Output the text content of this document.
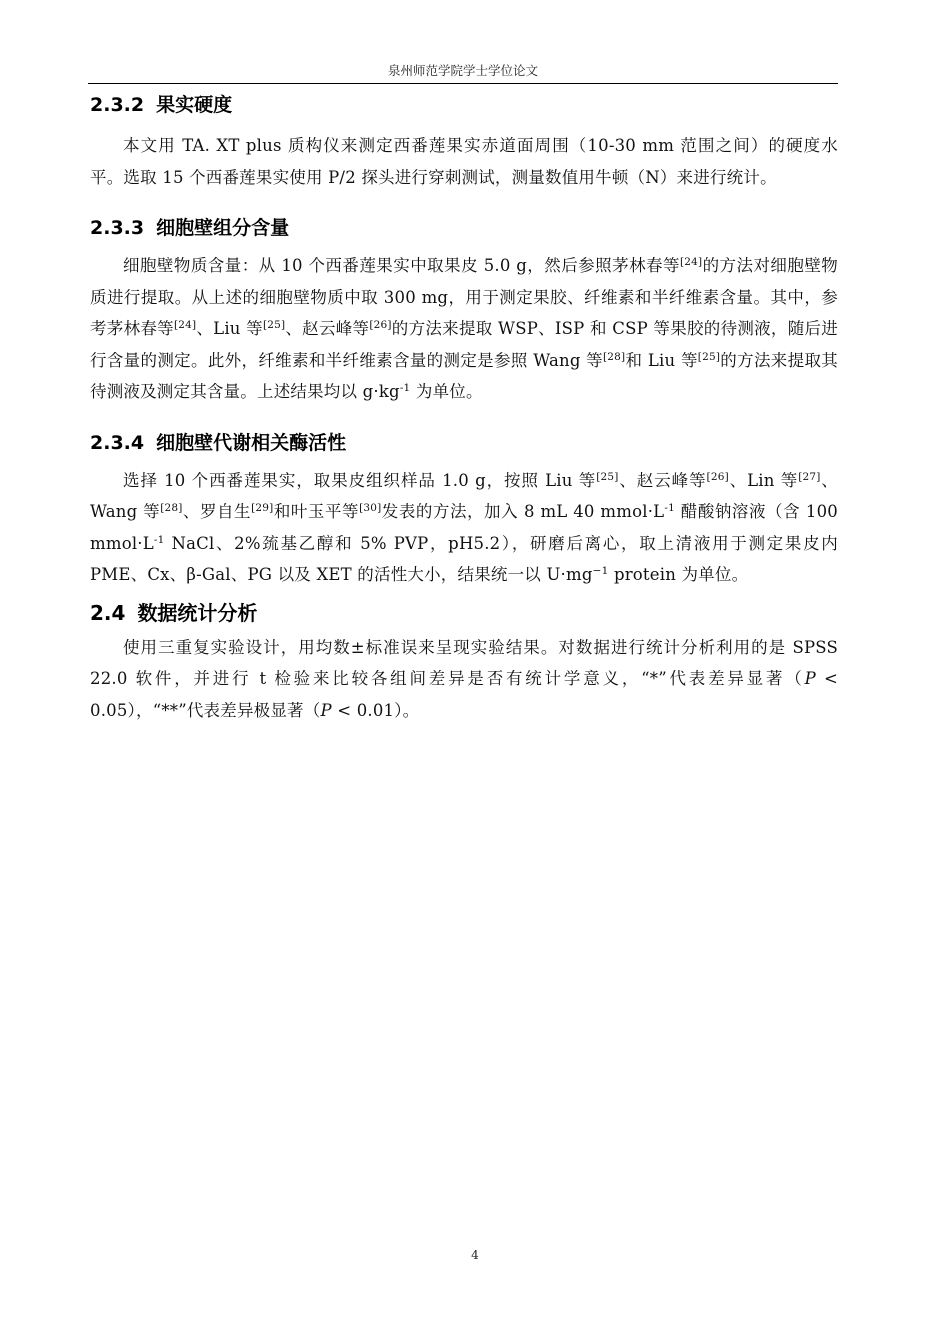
泉州师范学院学士学位论文
2.3.2 果实硬度

本文用 TA. XT plus 质构仪来测定西番莲果实赤道面周围（10-30 mm 范围之间）的硬度水平。选取 15 个西番莲果实使用 P/2 探头进行穿刺测试，测量数值用牛顿（N）来进行统计。

2.3.3 细胞壁组分含量

细胞壁物质含量：从 10 个西番莲果实中取果皮 5.0 g，然后参照茅林春等[24]的方法对细胞壁物质进行提取。从上述的细胞壁物质中取 300 mg，用于测定果胶、纤维素和半纤维素含量。其中，参考茅林春等[24]、Liu 等[25]、赵云峰等[26]的方法来提取 WSP、ISP 和 CSP 等果胶的待测液，随后进行含量的测定。此外，纤维素和半纤维素含量的测定是参照 Wang 等[28]和 Liu 等[25]的方法来提取其待测液及测定其含量。上述结果均以 $g\cdot kg^{-1}$ 为单位。

2.3.4 细胞壁代谢相关酶活性

选择 10 个西番莲果实，取果皮组织样品 1.0 g，按照 Liu 等[25]、赵云峰等[26]、Lin 等[27]、Wang 等[28]、罗自生[29]和叶玉平等[30]发表的方法，加入 8 mL 40 $mmol\cdot L^{-1}$ 醋酸钠溶液（含 100 $mmol\cdot L^{-1}$ NaCl、2%巯基乙醇和 5% PVP，pH5.2），研磨后离心，取上清液用于测定果皮内 PME、Cx、β-Gal、PG 以及 XET 的活性大小，结果统一以 $U\cdot mg^{-1}$ protein 为单位。

2.4 数据统计分析

使用三重复实验设计，用均数±标准误来呈现实验结果。对数据进行统计分析利用的是 SPSS 22.0 软件，并进行 t 检验来比较各组间差异是否有统计学意义，“*”代表差异显著（P < 0.05），“**”代表差异极显著（P < 0.01）。

4
